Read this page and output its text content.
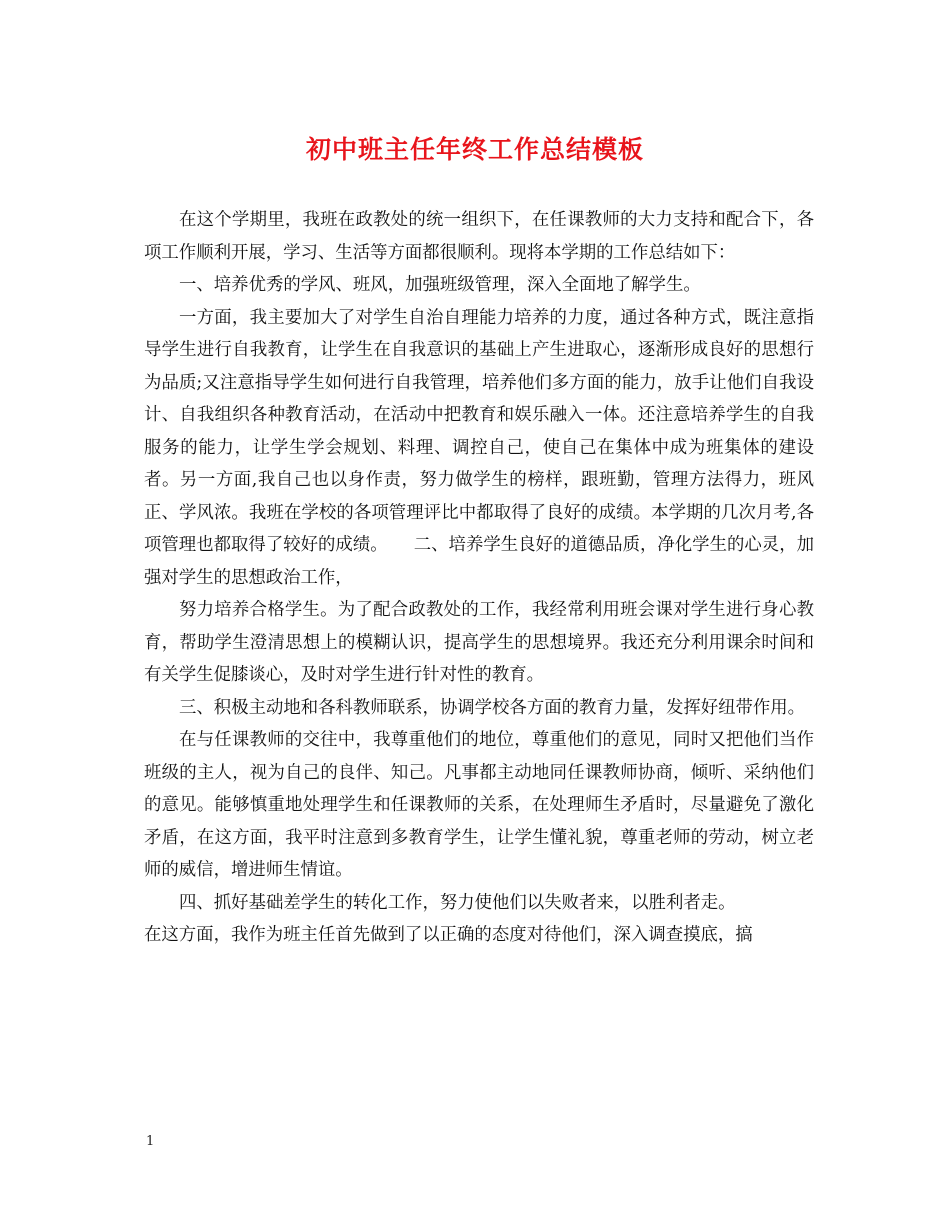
初中班主任年终工作总结模板

在这个学期里，我班在政教处的统一组织下，在任课教师的大力支持和配合下，各项工作顺利开展，学习、生活等方面都很顺利。现将本学期的工作总结如下：

一、培养优秀的学风、班风，加强班级管理，深入全面地了解学生。

一方面，我主要加大了对学生自治自理能力培养的力度，通过各种方式，既注意指导学生进行自我教育，让学生在自我意识的基础上产生进取心，逐渐形成良好的思想行为品质;又注意指导学生如何进行自我管理，培养他们多方面的能力，放手让他们自我设计、自我组织各种教育活动，在活动中把教育和娱乐融入一体。还注意培养学生的自我服务的能力，让学生学会规划、料理、调控自己，使自己在集体中成为班集体的建设者。另一方面,我自己也以身作责，努力做学生的榜样，跟班勤，管理方法得力，班风正、学风浓。我班在学校的各项管理评比中都取得了良好的成绩。本学期的几次月考,各项管理也都取得了较好的成绩。　　二、培养学生良好的道德品质，净化学生的心灵，加强对学生的思想政治工作，

努力培养合格学生。为了配合政教处的工作，我经常利用班会课对学生进行身心教育，帮助学生澄清思想上的模糊认识，提高学生的思想境界。我还充分利用课余时间和有关学生促膝谈心，及时对学生进行针对性的教育。

三、积极主动地和各科教师联系，协调学校各方面的教育力量，发挥好纽带作用。

在与任课教师的交往中，我尊重他们的地位，尊重他们的意见，同时又把他们当作班级的主人，视为自己的良伴、知己。凡事都主动地同任课教师协商，倾听、采纳他们的意见。能够慎重地处理学生和任课教师的关系，在处理师生矛盾时，尽量避免了激化矛盾，在这方面，我平时注意到多教育学生，让学生懂礼貌，尊重老师的劳动，树立老师的威信，增进师生情谊。

四、抓好基础差学生的转化工作，努力使他们以失败者来，以胜利者走。

在这方面，我作为班主任首先做到了以正确的态度对待他们，深入调查摸底，搞

1
